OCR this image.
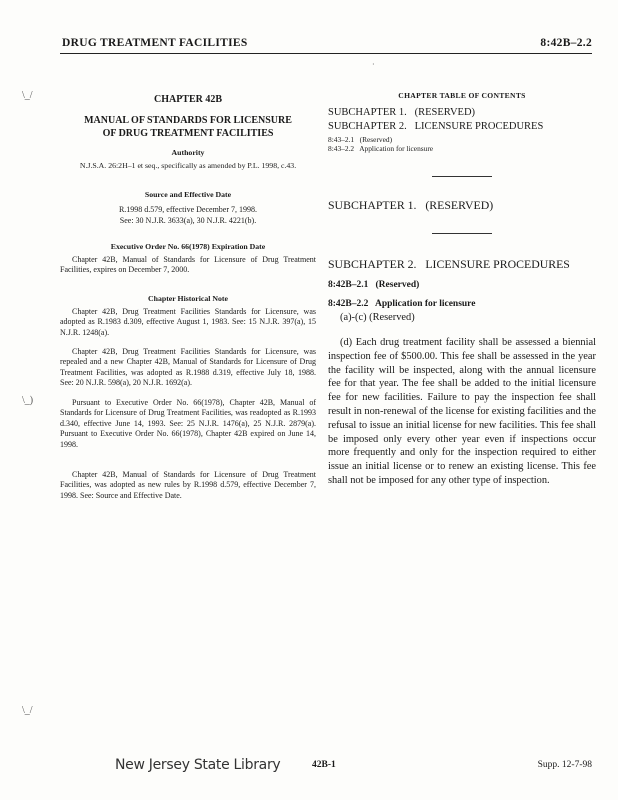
DRUG TREATMENT FACILITIES	8:42B–2.2
\_/
\_)
\_/
·
CHAPTER 42B
MANUAL OF STANDARDS FOR LICENSURE
OF DRUG TREATMENT FACILITIES
Authority
N.J.S.A. 26:2H–1 et seq., specifically as amended by P.L. 1998, c.43.
Source and Effective Date
R.1998 d.579, effective December 7, 1998.
See: 30 N.J.R. 3633(a), 30 N.J.R. 4221(b).
Executive Order No. 66(1978) Expiration Date
Chapter 42B, Manual of Standards for Licensure of Drug Treatment Facilities, expires on December 7, 2000.
Chapter Historical Note
Chapter 42B, Drug Treatment Facilities Standards for Licensure, was adopted as R.1983 d.309, effective August 1, 1983. See: 15 N.J.R. 397(a), 15 N.J.R. 1248(a).
Chapter 42B, Drug Treatment Facilities Standards for Licensure, was repealed and a new Chapter 42B, Manual of Standards for Licensure of Drug Treatment Facilities, was adopted as R.1988 d.319, effective July 18, 1988. See: 20 N.J.R. 598(a), 20 N.J.R. 1692(a).
Pursuant to Executive Order No. 66(1978), Chapter 42B, Manual of Standards for Licensure of Drug Treatment Facilities, was readopted as R.1993 d.340, effective June 14, 1993. See: 25 N.J.R. 1476(a), 25 N.J.R. 2879(a). Pursuant to Executive Order No. 66(1978), Chapter 42B expired on June 14, 1998.
Chapter 42B, Manual of Standards for Licensure of Drug Treatment Facilities, was adopted as new rules by R.1998 d.579, effective December 7, 1998. See: Source and Effective Date.
CHAPTER TABLE OF CONTENTS
SUBCHAPTER 1.   (RESERVED)
SUBCHAPTER 2.   LICENSURE PROCEDURES
8:43–2.1   (Reserved)
8:43–2.2   Application for licensure
SUBCHAPTER 1.   (RESERVED)
SUBCHAPTER 2.   LICENSURE PROCEDURES
8:42B–2.1   (Reserved)
8:42B–2.2   Application for licensure
(a)-(c) (Reserved)
(d) Each drug treatment facility shall be assessed a biennial inspection fee of $500.00. This fee shall be assessed in the year the facility will be inspected, along with the annual licensure fee for that year. The fee shall be added to the initial licensure fee for new facilities. Failure to pay the inspection fee shall result in non-renewal of the license for existing facilities and the refusal to issue an initial license for new facilities. This fee shall be imposed only every other year even if inspections occur more frequently and only for the inspection required to either issue an initial license or to renew an existing license. This fee shall not be imposed for any other type of inspection.
New Jersey State Library	42B-1	Supp. 12-7-98
